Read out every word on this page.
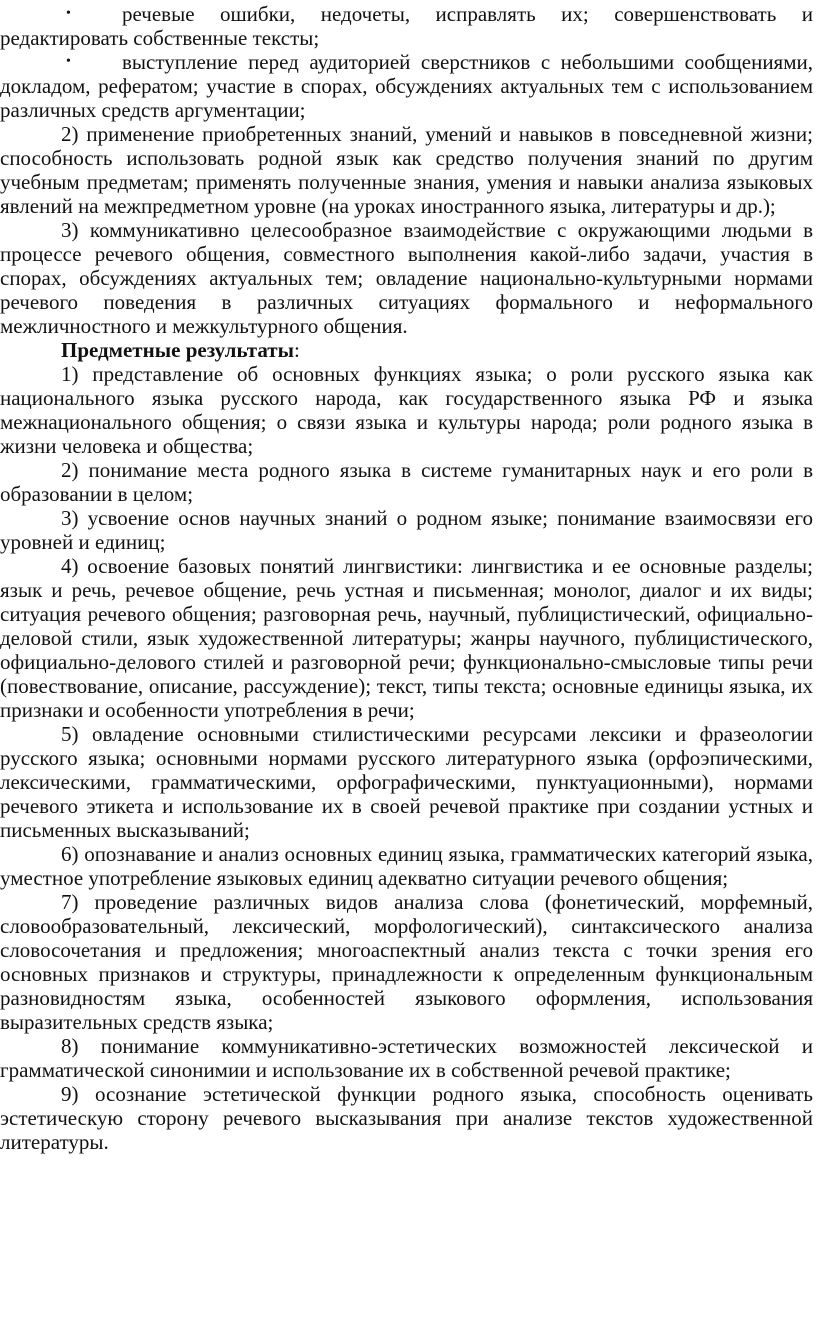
• речевые ошибки, недочеты, исправлять их; совершенствовать и редактировать собственные тексты;

• выступление перед аудиторией сверстников с небольшими сообщениями, докладом, рефератом; участие в спорах, обсуждениях актуальных тем с использованием различных средств аргументации;

2) применение приобретенных знаний, умений и навыков в повседневной жизни; способность использовать родной язык как средство получения знаний по другим учебным предметам; применять полученные знания, умения и навыки анализа языковых явлений на межпредметном уровне (на уроках иностранного языка, литературы и др.);

3) коммуникативно целесообразное взаимодействие с окружающими людьми в процессе речевого общения, совместного выполнения какой-либо задачи, участия в спорах, обсуждениях актуальных тем; овладение национально-культурными нормами речевого поведения в различных ситуациях формального и неформального межличностного и межкультурного общения.

Предметные результаты:

1) представление об основных функциях языка; о роли русского языка как национального языка русского народа, как государственного языка РФ и языка межнационального общения; о связи языка и культуры народа; роли родного языка в жизни человека и общества;

2) понимание места родного языка в системе гуманитарных наук и его роли в образовании в целом;

3) усвоение основ научных знаний о родном языке; понимание взаимосвязи его уровней и единиц;

4) освоение базовых понятий лингвистики: лингвистика и ее основные разделы; язык и речь, речевое общение, речь устная и письменная; монолог, диалог и их виды; ситуация речевого общения; разговорная речь, научный, публицистический, официально-деловой стили, язык художественной литературы; жанры научного, публицистического, официально-делового стилей и разговорной речи; функционально-смысловые типы речи (повествование, описание, рассуждение); текст, типы текста; основные единицы языка, их признаки и особенности употребления в речи;

5) овладение основными стилистическими ресурсами лексики и фразеологии русского языка; основными нормами русского литературного языка (орфоэпическими, лексическими, грамматическими, орфографическими, пунктуационными), нормами речевого этикета и использование их в своей речевой практике при создании устных и письменных высказываний;

6) опознавание и анализ основных единиц языка, грамматических категорий языка, уместное употребление языковых единиц адекватно ситуации речевого общения;

7) проведение различных видов анализа слова (фонетический, морфемный, словообразовательный, лексический, морфологический), синтаксического анализа словосочетания и предложения; многоаспектный анализ текста с точки зрения его основных признаков и структуры, принадлежности к определенным функциональным разновидностям языка, особенностей языкового оформления, использования выразительных средств языка;

8) понимание коммуникативно-эстетических возможностей лексической и грамматической синонимии и использование их в собственной речевой практике;

9) осознание эстетической функции родного языка, способность оценивать эстетическую сторону речевого высказывания при анализе текстов художественной литературы.
